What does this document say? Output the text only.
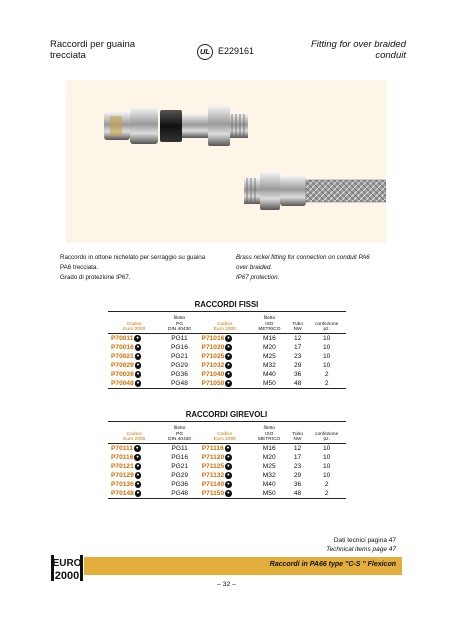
Raccordi per guaina
trecciata	UL E229161
Fitting for over braided
conduit
Raccordo in ottone nichelato per serraggio su guaina
PA6 trecciata.
Grado di protezione IP67.
Brass nickel fitting for connection on conduit PA6
over braided.
IP67 protection.
RACCORDI FISSI
Codice
Euro 2000	filetto
PG
DIN 40430	Codice
Euro 2000	filetto
ISO
METRICO	Tubo
NW	confezione
pz.
P70011 ●	PG11	P71016 ●	M16	12	10
P70016 ●	PG16	P71020 ●	M20	17	10
P70021 ●	PG21	P71025 ●	M25	23	10
P70029 ●	PG29	P71032 ●	M32	29	10
P70036 ●	PG36	P71040 ●	M40	36	2
P70048 ●	PG48	P71050 ●	M50	48	2
RACCORDI GIREVOLI
Codice
Euro 2000	filetto
PG
DIN 40430	Codice
Euro 2000	filetto
ISO
METRICO	Tubo
NW	confezione
pz.
P70111 ●	PG11	P71116 ●	M16	12	10
P70116 ●	PG16	P71120 ●	M20	17	10
P70121 ●	PG21	P71125 ●	M25	23	10
P70129 ●	PG29	P71132 ●	M32	29	10
P70136 ●	PG36	P71140 ●	M40	36	2
P70148 ●	PG48	P71150 ●	M50	48	2
Dati tecnici pagina 47
Technical items page 47
Raccordi in PA66 type "C-S " Flexicon
EURO
2000
– 32 –
